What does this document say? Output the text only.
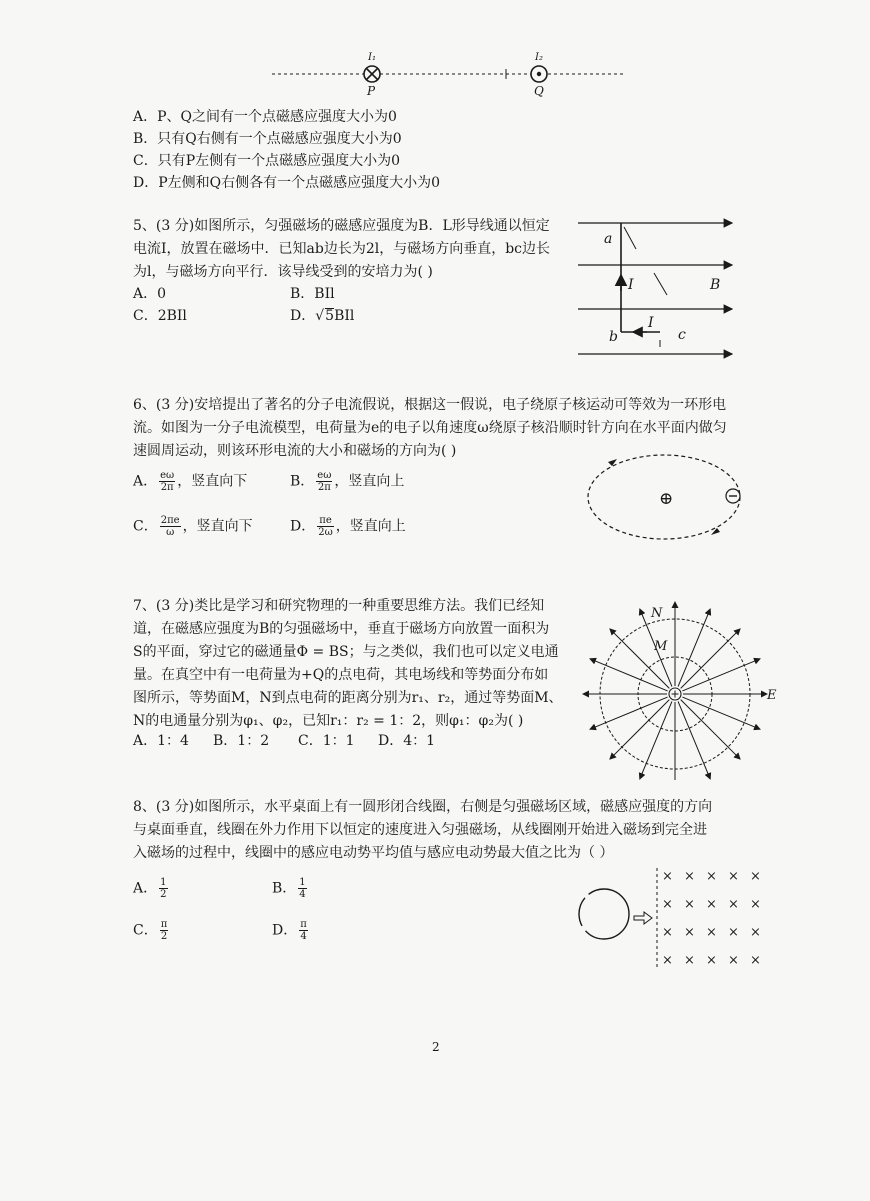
I₁	I₂
P	Q
A．P、Q之间有一个点磁感应强度大小为0
B．只有Q右侧有一个点磁感应强度大小为0
C．只有P左侧有一个点磁感应强度大小为0
D．P左侧和Q右侧各有一个点磁感应强度大小为0
5、(3 分)如图所示，匀强磁场的磁感应强度为B．L形导线通以恒定
电流I，放置在磁场中．已知ab边长为2l，与磁场方向垂直，bc边长
为l，与磁场方向平行．该导线受到的安培力为( )
A．0	B．BIl
C．2BIl	D．√5BIl
a
b	c
I
I
B
6、(3 分)安培提出了著名的分子电流假说，根据这一假说，电子绕原子核运动可等效为一环形电
流。如图为一分子电流模型，电荷量为e的电子以角速度ω绕原子核沿顺时针方向在水平面内做匀
速圆周运动，则该环形电流的大小和磁场的方向为( )
A． $\frac{e\omega}{2\pi}$ ，竖直向下	B． $\frac{e\omega}{2\pi}$ ，竖直向上
C． $\frac{2\pi e}{\omega}$ ，竖直向下	D． $\frac{\pi e}{2\omega}$ ，竖直向上
⊕
7、(3 分)类比是学习和研究物理的一种重要思维方法。我们已经知
道，在磁感应强度为B的匀强磁场中，垂直于磁场方向放置一面积为
S的平面，穿过它的磁通量Φ = BS；与之类似，我们也可以定义电通
量。在真空中有一电荷量为+Q的点电荷，其电场线和等势面分布如
图所示，等势面M，N到点电荷的距离分别为r₁、r₂，通过等势面M、
N的电通量分别为φ₁、φ₂，已知r₁：r₂ = 1：2，则φ₁：φ₂为( )
A．1：4 B．1：2 C．1：1 D．4：1
N
M
E
8、(3 分)如图所示，水平桌面上有一圆形闭合线圈，右侧是匀强磁场区域，磁感应强度的方向
与桌面垂直，线圈在外力作用下以恒定的速度进入匀强磁场，从线圈刚开始进入磁场到完全进
入磁场的过程中，线圈中的感应电动势平均值与感应电动势最大值之比为（ ）
A． $\frac{1}{2}$	B． $\frac{1}{4}$
C． $\frac{\pi}{2}$	D． $\frac{\pi}{4}$
× × × × ×
× × × × ×
× × × × ×
× × × × ×
2
